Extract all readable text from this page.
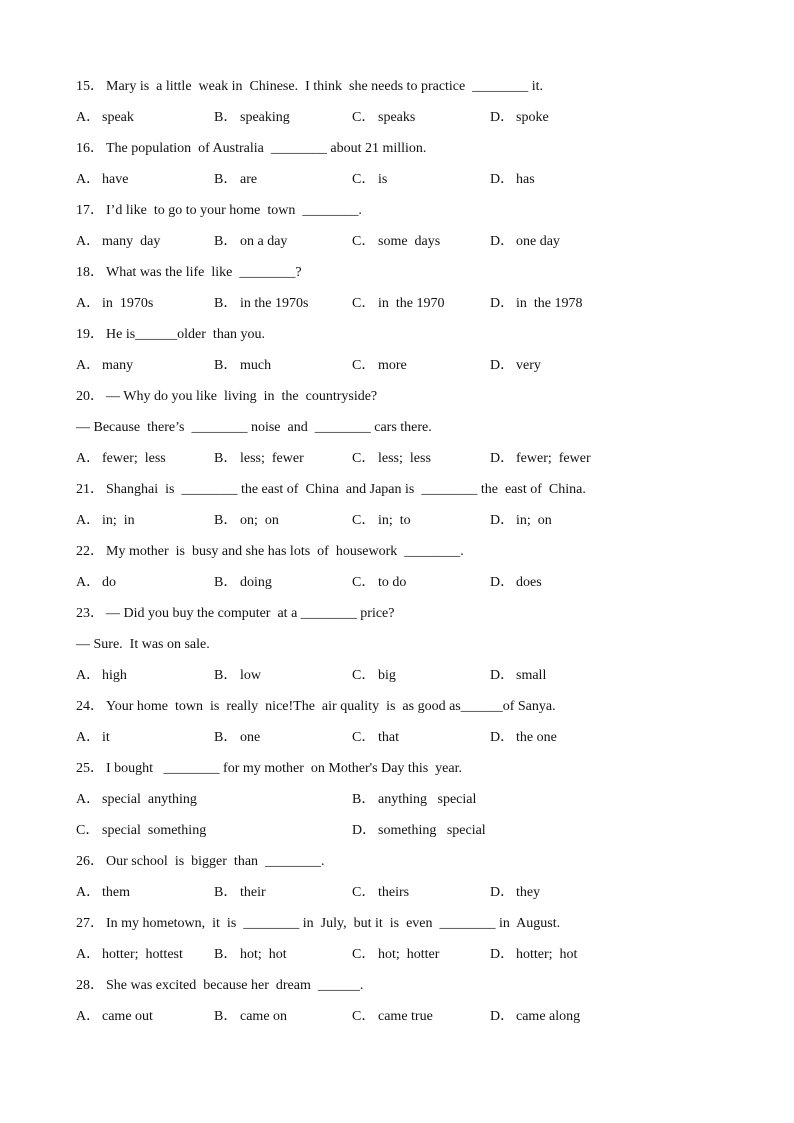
15． Mary is  a little  weak in  Chinese.  I think  she needs to practice  ________ it.
A． speak	B． speaking	C． speaks	D． spoke
16． The population  of Australia  ________ about 21 million.
A． have	B． are	C． is	D． has
17． I’d like  to go to your home  town  ________.
A． many  day	B． on a day	C． some  days	D． one day
18． What was the life  like  ________?
A． in  1970s	B． in the 1970s	C． in  the 1970	D． in  the 1978
19． He is______older  than you.
A． many	B． much	C． more	D． very
20． — Why do you like  living  in  the  countryside?
— Because  there’s  ________ noise  and  ________ cars there.
A． fewer;  less	B． less;  fewer	C． less;  less	D． fewer;  fewer
21． Shanghai  is  ________ the east of  China  and Japan is  ________ the  east of  China.
A． in;  in	B． on;  on	C． in;  to	D． in;  on
22． My mother  is  busy and she has lots  of  housework  ________.
A． do	B． doing	C． to do	D． does
23． — Did you buy the computer  at a ________ price?
— Sure.  It was on sale.
A． high	B． low	C． big	D． small
24． Your home  town  is  really  nice!The  air quality  is  as good as______of Sanya.
A． it	B． one	C． that	D． the one
25． I bought   ________ for my mother  on Mother's Day this  year.
A． special  anything	B． anything   special
C． special  something	D． something   special
26． Our school  is  bigger  than  ________.
A． them	B． their	C． theirs	D． they
27． In my hometown,  it  is  ________ in  July,  but it  is  even  ________ in  August.
A． hotter;  hottest	B． hot;  hot	C． hot;  hotter	D． hotter;  hot
28． She was excited  because her  dream  ______.
A． came out	B． came on	C． came true	D． came along
